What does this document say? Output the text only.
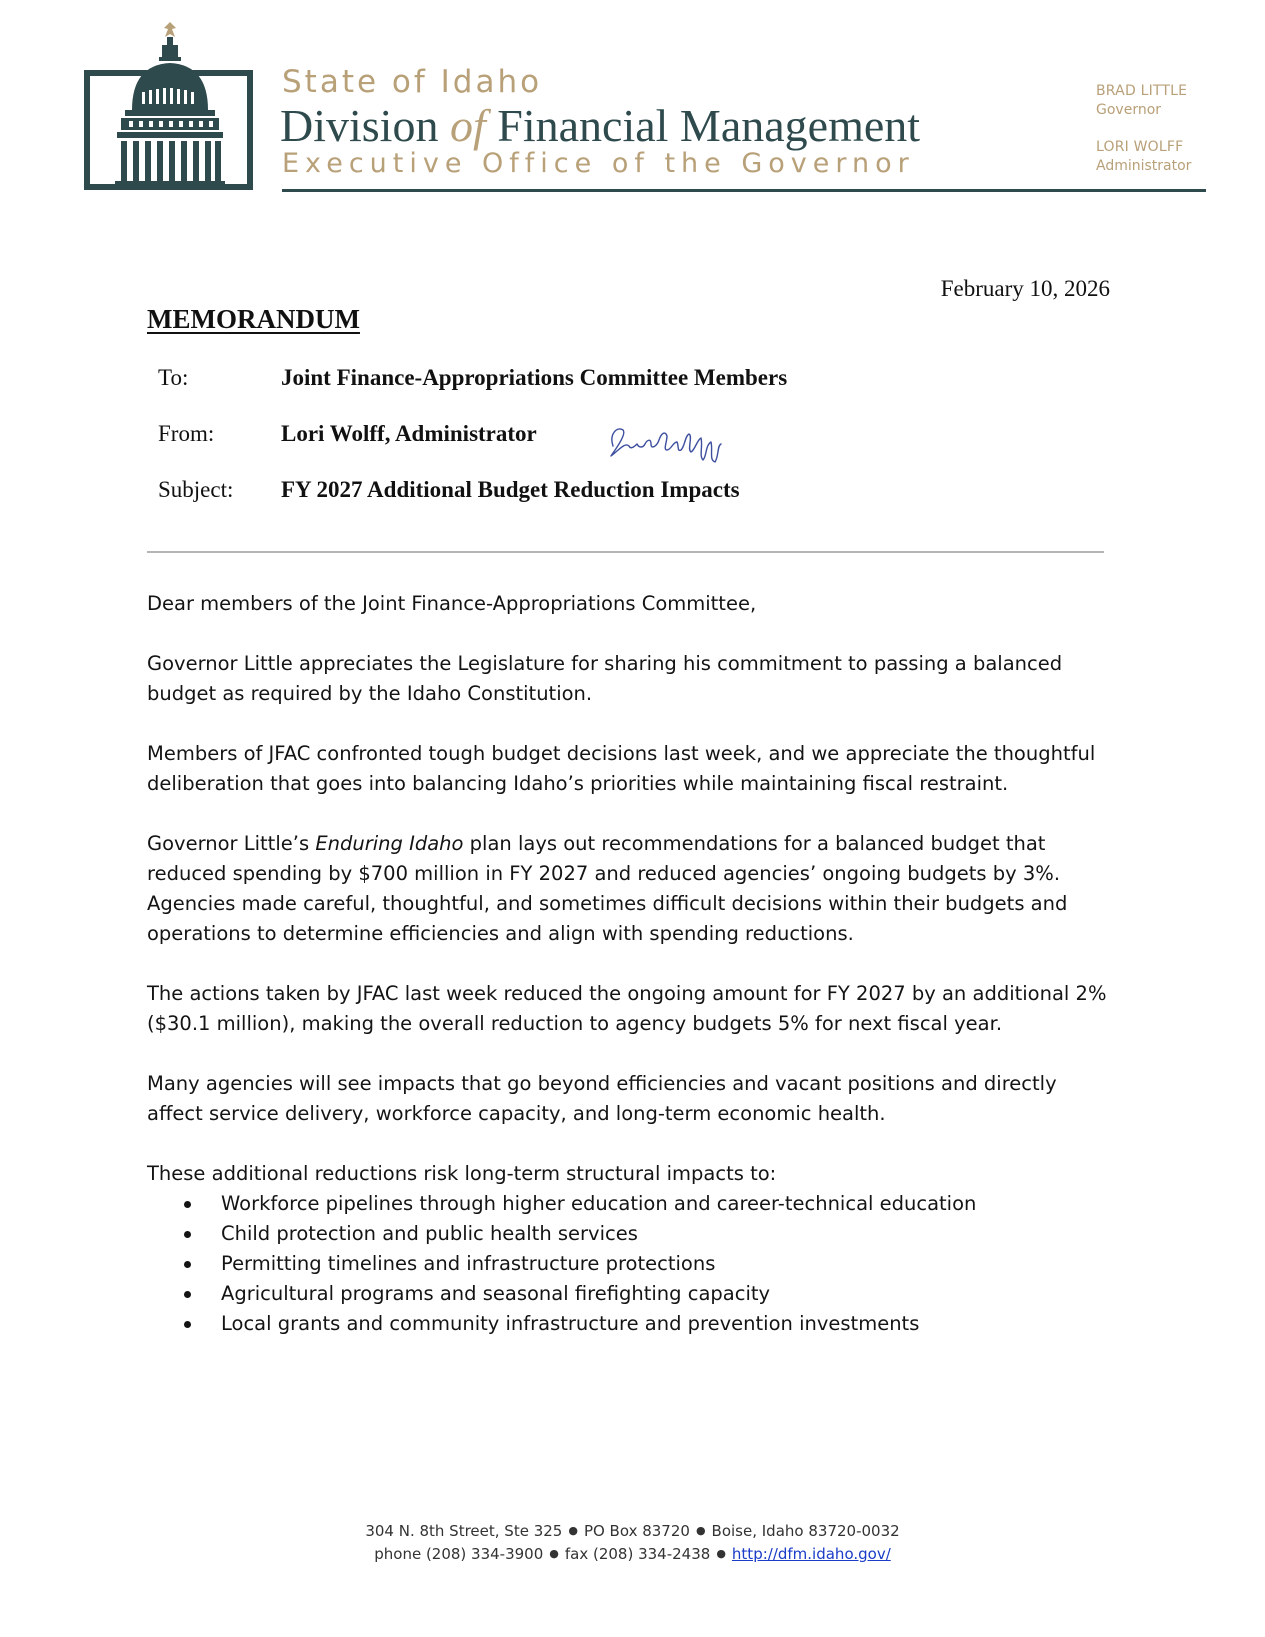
State of Idaho
Division of Financial Management
Executive Office of the Governor
BRAD LITTLE
Governor
LORI WOLFF
Administrator
February 10, 2026
MEMORANDUM
To:	Joint Finance-Appropriations Committee Members
From:	Lori Wolff, Administrator
Subject: FY 2027 Additional Budget Reduction Impacts

Dear members of the Joint Finance-Appropriations Committee,

Governor Little appreciates the Legislature for sharing his commitment to passing a balanced budget as required by the Idaho Constitution.

Members of JFAC confronted tough budget decisions last week, and we appreciate the thoughtful deliberation that goes into balancing Idaho’s priorities while maintaining fiscal restraint.

Governor Little’s Enduring Idaho plan lays out recommendations for a balanced budget that reduced spending by $700 million in FY 2027 and reduced agencies’ ongoing budgets by 3%. Agencies made careful, thoughtful, and sometimes difficult decisions within their budgets and operations to determine efficiencies and align with spending reductions.

The actions taken by JFAC last week reduced the ongoing amount for FY 2027 by an additional 2% ($30.1 million), making the overall reduction to agency budgets 5% for next fiscal year.

Many agencies will see impacts that go beyond efficiencies and vacant positions and directly affect service delivery, workforce capacity, and long-term economic health.

These additional reductions risk long-term structural impacts to:

Workforce pipelines through higher education and career-technical education
Child protection and public health services
Permitting timelines and infrastructure protections
Agricultural programs and seasonal firefighting capacity
Local grants and community infrastructure and prevention investments
304 N. 8th Street, Ste 325 ● PO Box 83720 ● Boise, Idaho 83720-0032
phone (208) 334-3900 ● fax (208) 334-2438 ● http://dfm.idaho.gov/
